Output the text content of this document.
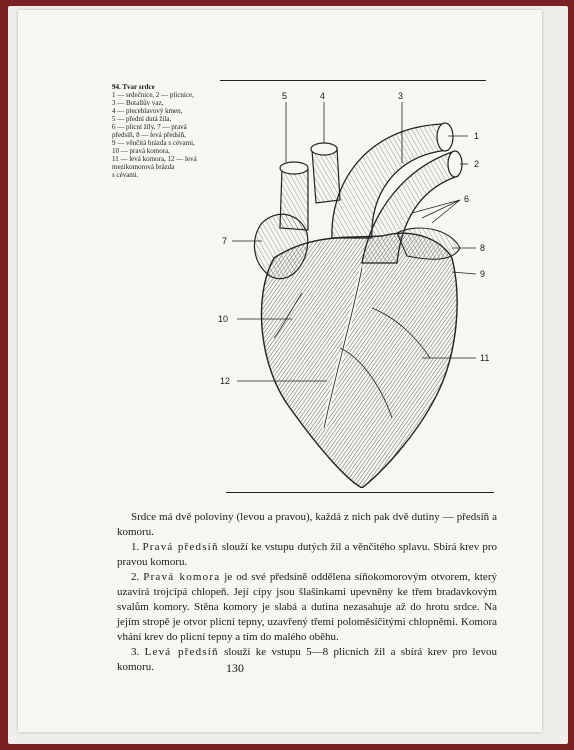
94. Tvar srdce
1 — srdečnice, 2 — plicnice,
3 — Botallův vaz,
4 — pleceblavový kmen,
5 — přední dutá žíla,
6 — plicní žíly, 7 — pravá
předsíň, 8 — levá předsíň,
9 — věnčitá brázda s cévami,
10 — pravá komora,
11 — levá komora, 12 — levá
mezikomorová brázda
s cévami.
1
2
3
4
5
6
7
8
9
10
11
12

Srdce má dvě poloviny (levou a pravou), každá z nich pak dvě dutiny — předsíň a komoru.

1. Pravá předsíň slouží ke vstupu dutých žil a věnčitého splavu. Sbírá krev pro pravou komoru.

2. Pravá komora je od své předsíně oddělena síňokomorovým otvorem, který uzavírá trojcípá chlopeň. Její cípy jsou šlašinkami upevněny ke třem bradavkovým svalům komory. Stěna komory je slabá a dutina nezasahuje až do hrotu srdce. Na jejím stropě je otvor plicní tepny, uzavřený třemi poloměsíčitými chlopněmi. Komora vhání krev do plicní tepny a tím do malého oběhu.

3. Levá předsíň slouží ke vstupu 5—8 plicních žil a sbírá krev pro levou komoru.	130
